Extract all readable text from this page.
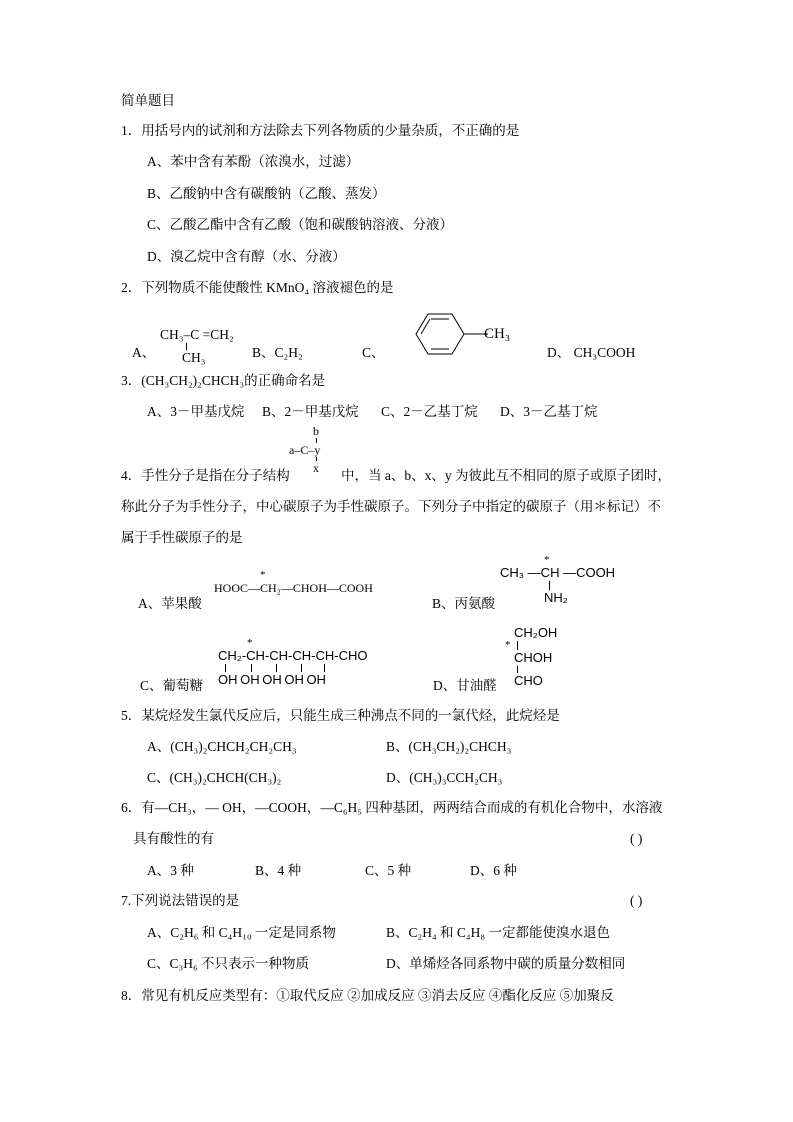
简单题目
1．用括号内的试剂和方法除去下列各物质的少量杂质，不正确的是
A、苯中含有苯酚（浓溴水，过滤）
B、乙酸钠中含有碳酸钠（乙酸、蒸发）
C、乙酸乙酯中含有乙酸（饱和碳酸钠溶液、分液）
D、溴乙烷中含有醇（水、分液）
2．下列物质不能使酸性 KMnO₄ 溶液褪色的是
A、
CH₃–C =CH₂
CH₃	B、C₂H₂	C、
CH₃
D、 CH₃COOH
3．(CH₃CH₂)₂CHCH₃的正确命名是
A、3－甲基戊烷 B、2－甲基戊烷 C、2－乙基丁烷 D、3－乙基丁烷
b
a–C–y
x
4．手性分子是指在分子结构	中，当 a、b、x、y 为彼此互不相同的原子或原子团时，
称此分子为手性分子，中心碳原子为手性碳原子。下列分子中指定的碳原子（用＊标记）不
属于手性碳原子的是
A、苹果酸
HOOC—CH₂—CHOH—COOH
*
B、丙氨酸
CH₃ —CH —COOH
*
NH₂
C、葡萄糖
CH₂-CH-CH-CH-CH-CHO
*
OH OH OH OH OH	D、甘油醛
CH₂OH
*
CHOH
CHO
5．某烷烃发生氯代反应后，只能生成三种沸点不同的一氯代烃，此烷烃是
A、(CH₃)₂CHCH₂CH₂CH₃	B、(CH₃CH₂)₂CHCH₃
C、(CH₃)₂CHCH(CH₃)₂	D、(CH₃)₃CCH₂CH₃
6．有—CH₃，— OH，—COOH，—C₆H₅ 四种基团，两两结合而成的有机化合物中，水溶液
具有酸性的有	( )
A、3 种	B、4 种	C、5 种	D、6 种
7.下列说法错误的是	( )
A、C₂H₆ 和 C₄H₁₀ 一定是同系物	B、C₂H₄ 和 C₄H₈ 一定都能使溴水退色
C、C₃H₆ 不只表示一种物质	D、单烯烃各同系物中碳的质量分数相同
8．常见有机反应类型有：①取代反应 ②加成反应 ③消去反应 ④酯化反应 ⑤加聚反
